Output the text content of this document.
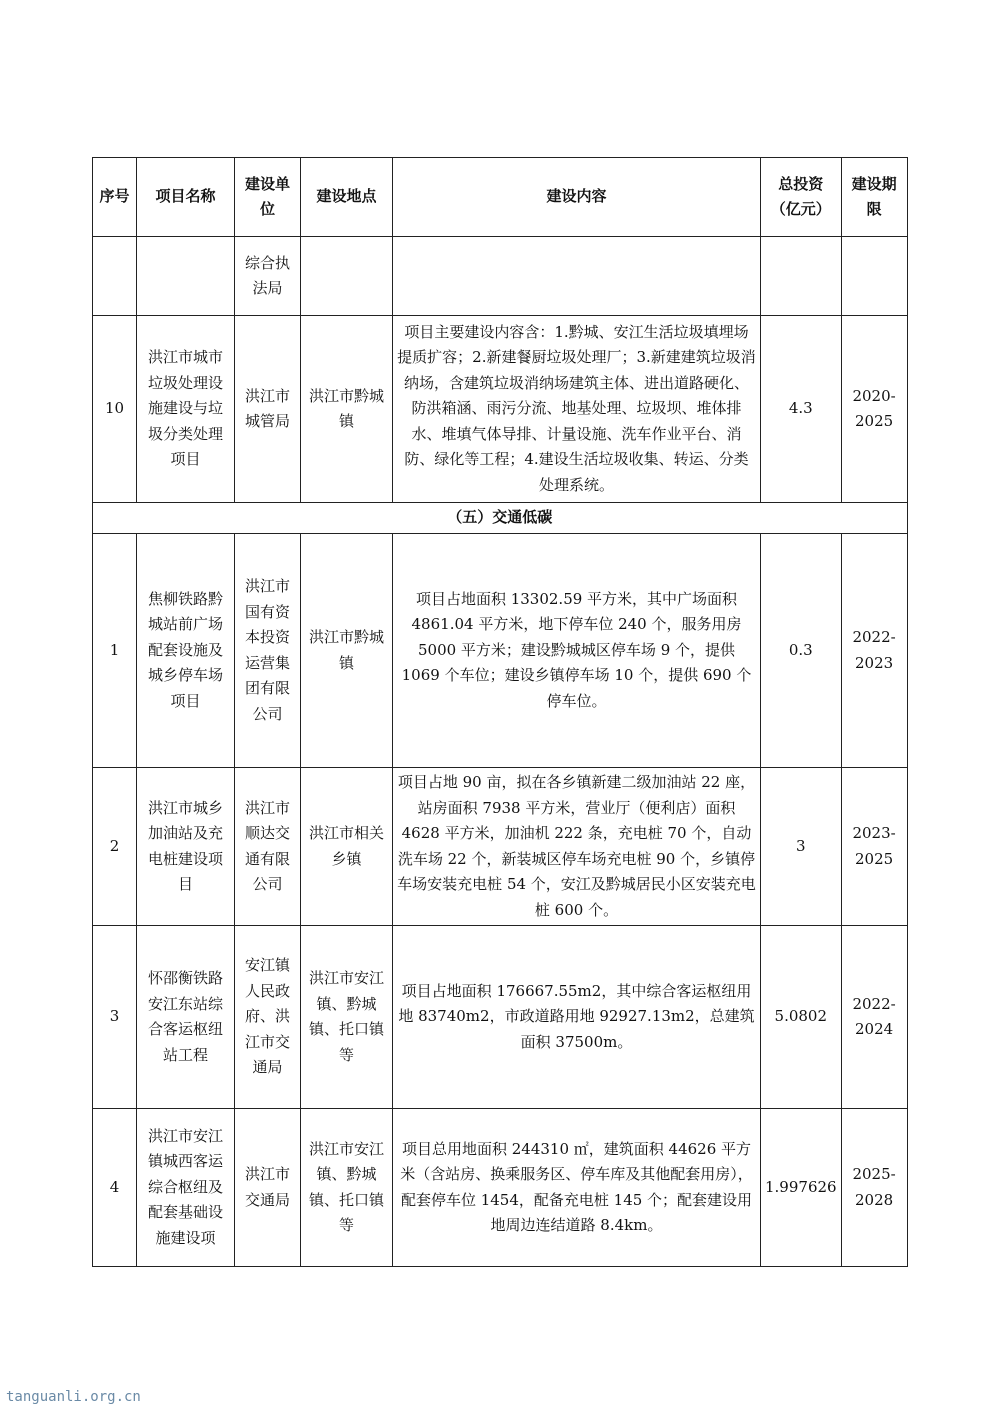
序号	项目名称	建设单位	建设地点	建设内容	总投资（亿元）	建设期限
		综合执法局				
10	洪江市城市垃圾处理设施建设与垃圾分类处理项目	洪江市城管局	洪江市黔城镇	项目主要建设内容含：1.黔城、安江生活垃圾填埋场提质扩容；2.新建餐厨垃圾处理厂；3.新建建筑垃圾消纳场，含建筑垃圾消纳场建筑主体、进出道路硬化、防洪箱涵、雨污分流、地基处理、垃圾坝、堆体排水、堆填气体导排、计量设施、洗车作业平台、消防、绿化等工程；4.建设生活垃圾收集、转运、分类处理系统。	4.3	2020-2025
（五）交通低碳						
1	焦柳铁路黔城站前广场配套设施及城乡停车场项目	洪江市国有资本投资运营集团有限公司	洪江市黔城镇	项目占地面积 13302.59 平方米，其中广场面积 4861.04 平方米，地下停车位 240 个，服务用房 5000 平方米；建设黔城城区停车场 9 个，提供 1069 个车位；建设乡镇停车场 10 个，提供 690 个停车位。	0.3	2022-2023
2	洪江市城乡加油站及充电桩建设项目	洪江市顺达交通有限公司	洪江市相关乡镇	项目占地 90 亩，拟在各乡镇新建二级加油站 22 座，站房面积 7938 平方米，营业厅（便利店）面积 4628 平方米，加油机 222 条，充电桩 70 个，自动洗车场 22 个，新装城区停车场充电桩 90 个，乡镇停车场安装充电桩 54 个，安江及黔城居民小区安装充电桩 600 个。	3	2023-2025
3	怀邵衡铁路安江东站综合客运枢纽站工程	安江镇人民政府、洪江市交通局	洪江市安江镇、黔城镇、托口镇等	项目占地面积 176667.55m2，其中综合客运枢纽用地 83740m2，市政道路用地 92927.13m2，总建筑面积 37500m。	5.0802	2022-2024
4	洪江市安江镇城西客运综合枢纽及配套基础设施建设项	洪江市交通局	洪江市安江镇、黔城镇、托口镇等	项目总用地面积 244310 ㎡，建筑面积 44626 平方米（含站房、换乘服务区、停车库及其他配套用房），配套停车位 1454，配备充电桩 145 个；配套建设用地周边连结道路 8.4km。	1.997626	2025-2028
tanguanli.org.cn
